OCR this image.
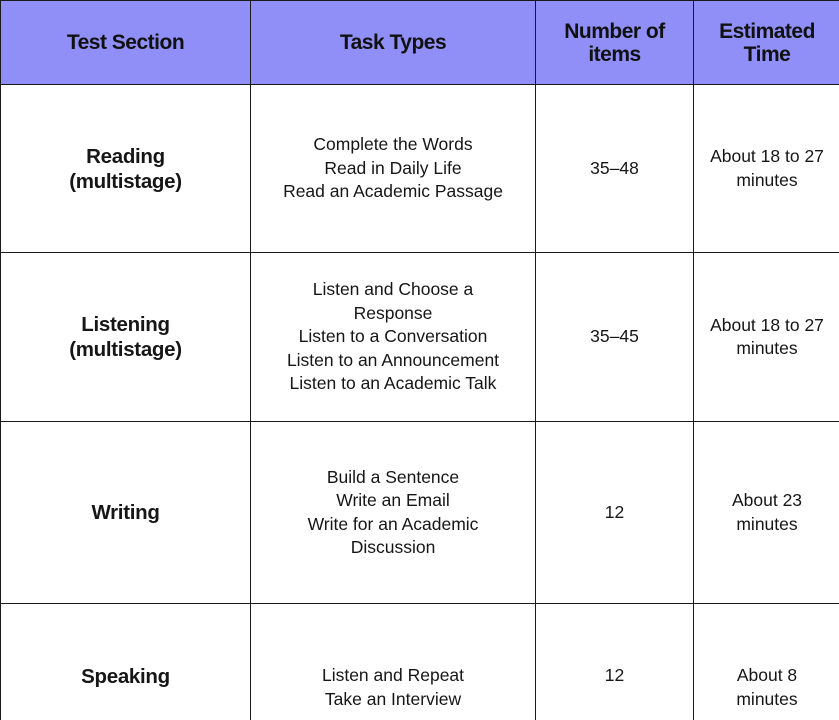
Test Section	Task Types	Number of
items	Estimated
Time

Reading
(multistage)	Complete the Words
Read in Daily Life
Read an Academic Passage	35–48	About 18 to 27
minutes

Listening
(multistage)	Listen and Choose a
Response
Listen to a Conversation
Listen to an Announcement
Listen to an Academic Talk	35–45	About 18 to 27
minutes

Writing	Build a Sentence
Write an Email
Write for an Academic
Discussion	12	About 23
minutes

Speaking	Listen and Repeat
Take an Interview	12	About 8
minutes
